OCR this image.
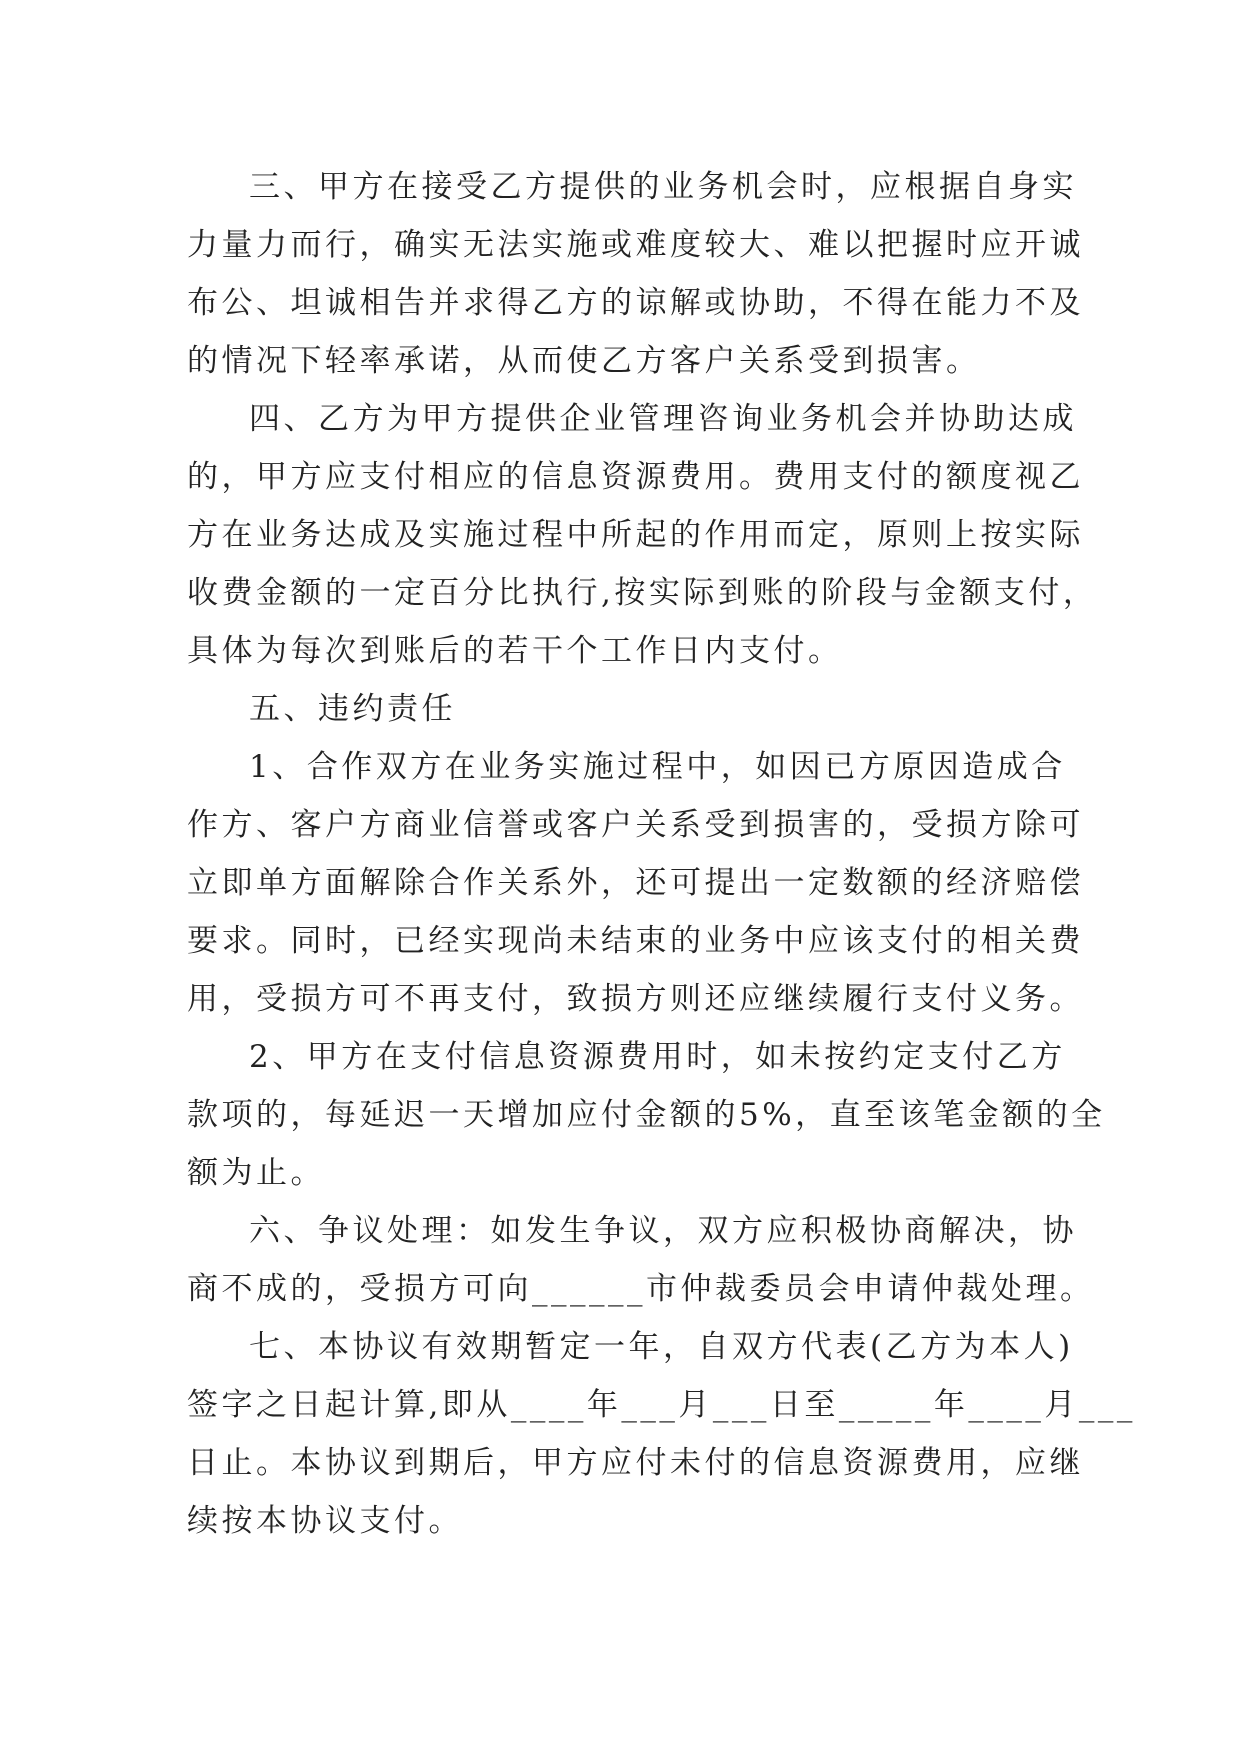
三、甲方在接受乙方提供的业务机会时，应根据自身实
力量力而行，确实无法实施或难度较大、难以把握时应开诚
布公、坦诚相告并求得乙方的谅解或协助，不得在能力不及
的情况下轻率承诺，从而使乙方客户关系受到损害。
四、乙方为甲方提供企业管理咨询业务机会并协助达成
的，甲方应支付相应的信息资源费用。费用支付的额度视乙
方在业务达成及实施过程中所起的作用而定，原则上按实际
收费金额的一定百分比执行,按实际到账的阶段与金额支付，
具体为每次到账后的若干个工作日内支付。
五、违约责任
1、合作双方在业务实施过程中，如因已方原因造成合
作方、客户方商业信誉或客户关系受到损害的，受损方除可
立即单方面解除合作关系外，还可提出一定数额的经济赔偿
要求。同时，已经实现尚未结束的业务中应该支付的相关费
用，受损方可不再支付，致损方则还应继续履行支付义务。
2、甲方在支付信息资源费用时，如未按约定支付乙方
款项的，每延迟一天增加应付金额的5%，直至该笔金额的全
额为止。
六、争议处理：如发生争议，双方应积极协商解决，协
商不成的，受损方可向______市仲裁委员会申请仲裁处理。
七、本协议有效期暂定一年，自双方代表(乙方为本人)
签字之日起计算,即从____年___月___日至_____年____月___
日止。本协议到期后，甲方应付未付的信息资源费用，应继
续按本协议支付。
